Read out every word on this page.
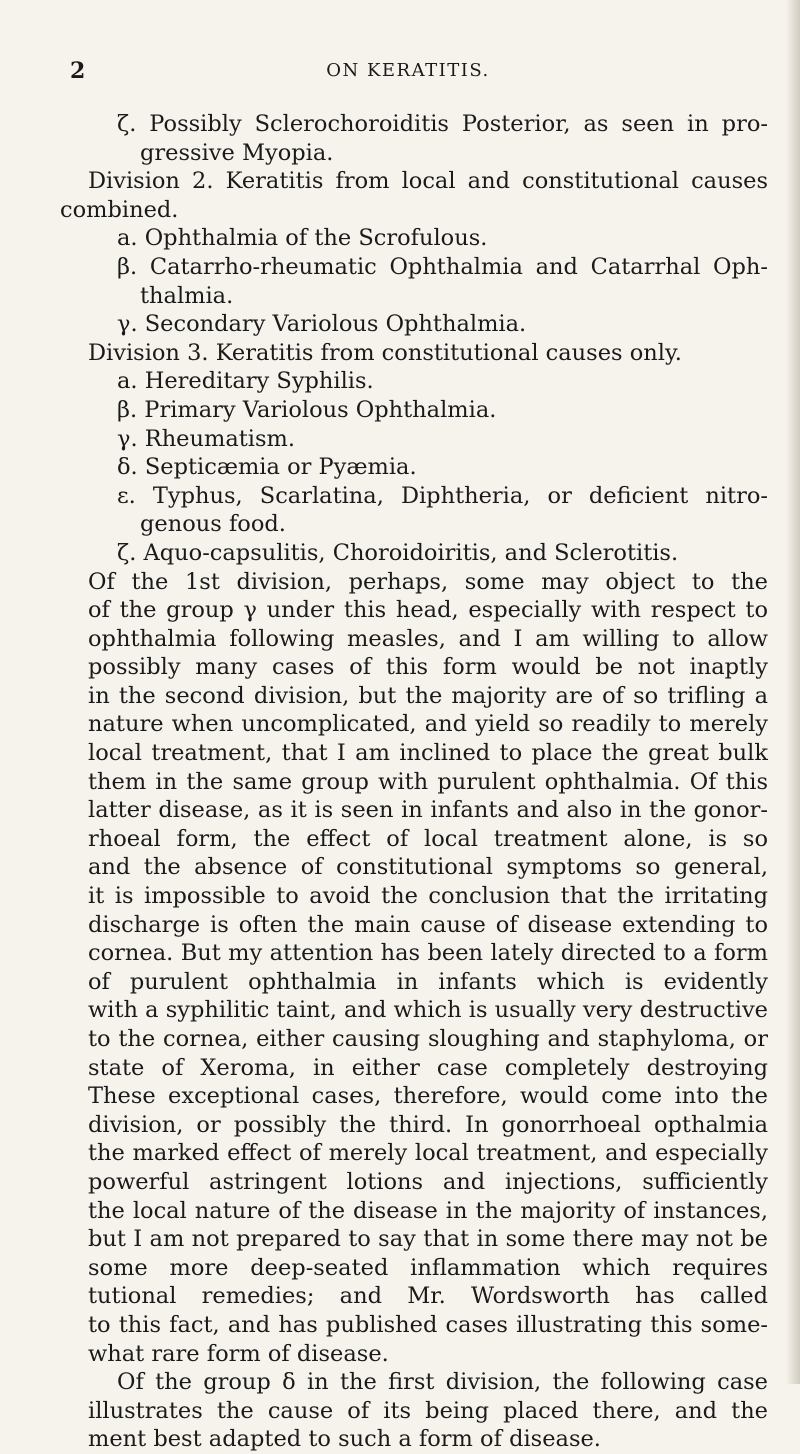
2	ON KERATITIS.
ζ. Possibly Sclerochoroiditis Posterior, as seen in pro-
gressive Myopia.
Division 2. Keratitis from local and constitutional causes
combined.
a. Ophthalmia of the Scrofulous.
β. Catarrho-rheumatic Ophthalmia and Catarrhal Oph-
thalmia.
γ. Secondary Variolous Ophthalmia.
Division 3. Keratitis from constitutional causes only.
a. Hereditary Syphilis.
β. Primary Variolous Ophthalmia.
γ. Rheumatism.
δ. Septicæmia or Pyæmia.
ε. Typhus, Scarlatina, Diphtheria, or deficient nitro-
genous food.
ζ. Aquo-capsulitis, Choroidoiritis, and Sclerotitis.
Of the 1st division, perhaps, some may object to the
of the group γ under this head, especially with respect to
ophthalmia following measles, and I am willing to allow
possibly many cases of this form would be not inaptly
in the second division, but the majority are of so trifling a
nature when uncomplicated, and yield so readily to merely
local treatment, that I am inclined to place the great bulk
them in the same group with purulent ophthalmia. Of this
latter disease, as it is seen in infants and also in the gonor-
rhoeal form, the effect of local treatment alone, is so
and the absence of constitutional symptoms so general,
it is impossible to avoid the conclusion that the irritating
discharge is often the main cause of disease extending to
cornea. But my attention has been lately directed to a form
of purulent ophthalmia in infants which is evidently
with a syphilitic taint, and which is usually very destructive
to the cornea, either causing sloughing and staphyloma, or
state of Xeroma, in either case completely destroying
These exceptional cases, therefore, would come into the
division, or possibly the third. In gonorrhoeal opthalmia
the marked effect of merely local treatment, and especially
powerful astringent lotions and injections, sufficiently
the local nature of the disease in the majority of instances,
but I am not prepared to say that in some there may not be
some more deep-seated inflammation which requires
tutional remedies; and Mr. Wordsworth has called
to this fact, and has published cases illustrating this some-
what rare form of disease.
Of the group δ in the first division, the following case
illustrates the cause of its being placed there, and the
ment best adapted to such a form of disease.
